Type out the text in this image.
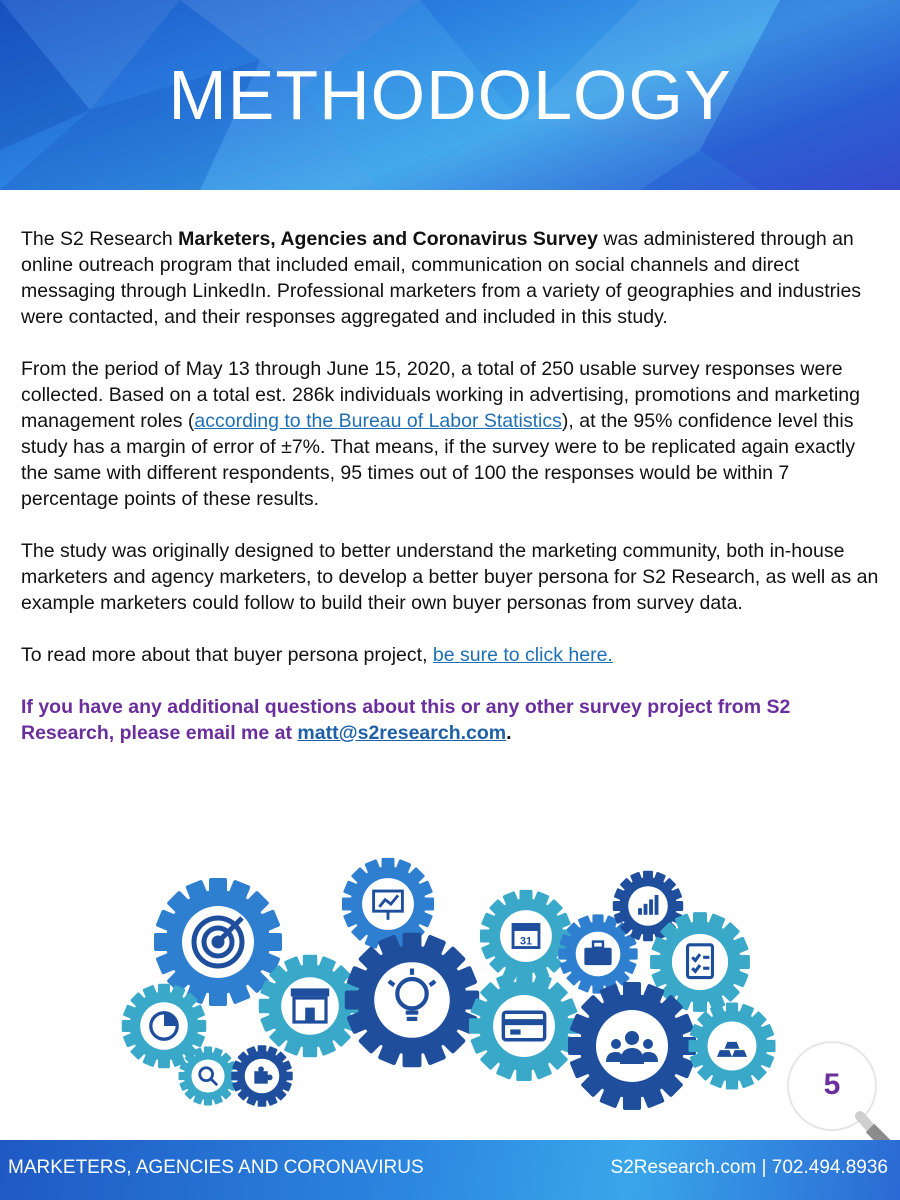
METHODOLOGY

The S2 Research Marketers, Agencies and Coronavirus Survey was administered through an online outreach program that included email, communication on social channels and direct messaging through LinkedIn. Professional marketers from a variety of geographies and industries were contacted, and their responses aggregated and included in this study.

From the period of May 13 through June 15, 2020, a total of 250 usable survey responses were collected. Based on a total est. 286k individuals working in advertising, promotions and marketing management roles (according to the Bureau of Labor Statistics), at the 95% confidence level this study has a margin of error of ±7%. That means, if the survey were to be replicated again exactly the same with different respondents, 95 times out of 100 the responses would be within 7 percentage points of these results.

The study was originally designed to better understand the marketing community, both in-house marketers and agency marketers, to develop a better buyer persona for S2 Research, as well as an example marketers could follow to build their own buyer personas from survey data.

To read more about that buyer persona project, be sure to click here.

If you have any additional questions about this or any other survey project from S2 Research, please email me at matt@s2research.com.

31
5
MARKETERS, AGENCIES AND CORONAVIRUS	S2Research.com | 702.494.8936
